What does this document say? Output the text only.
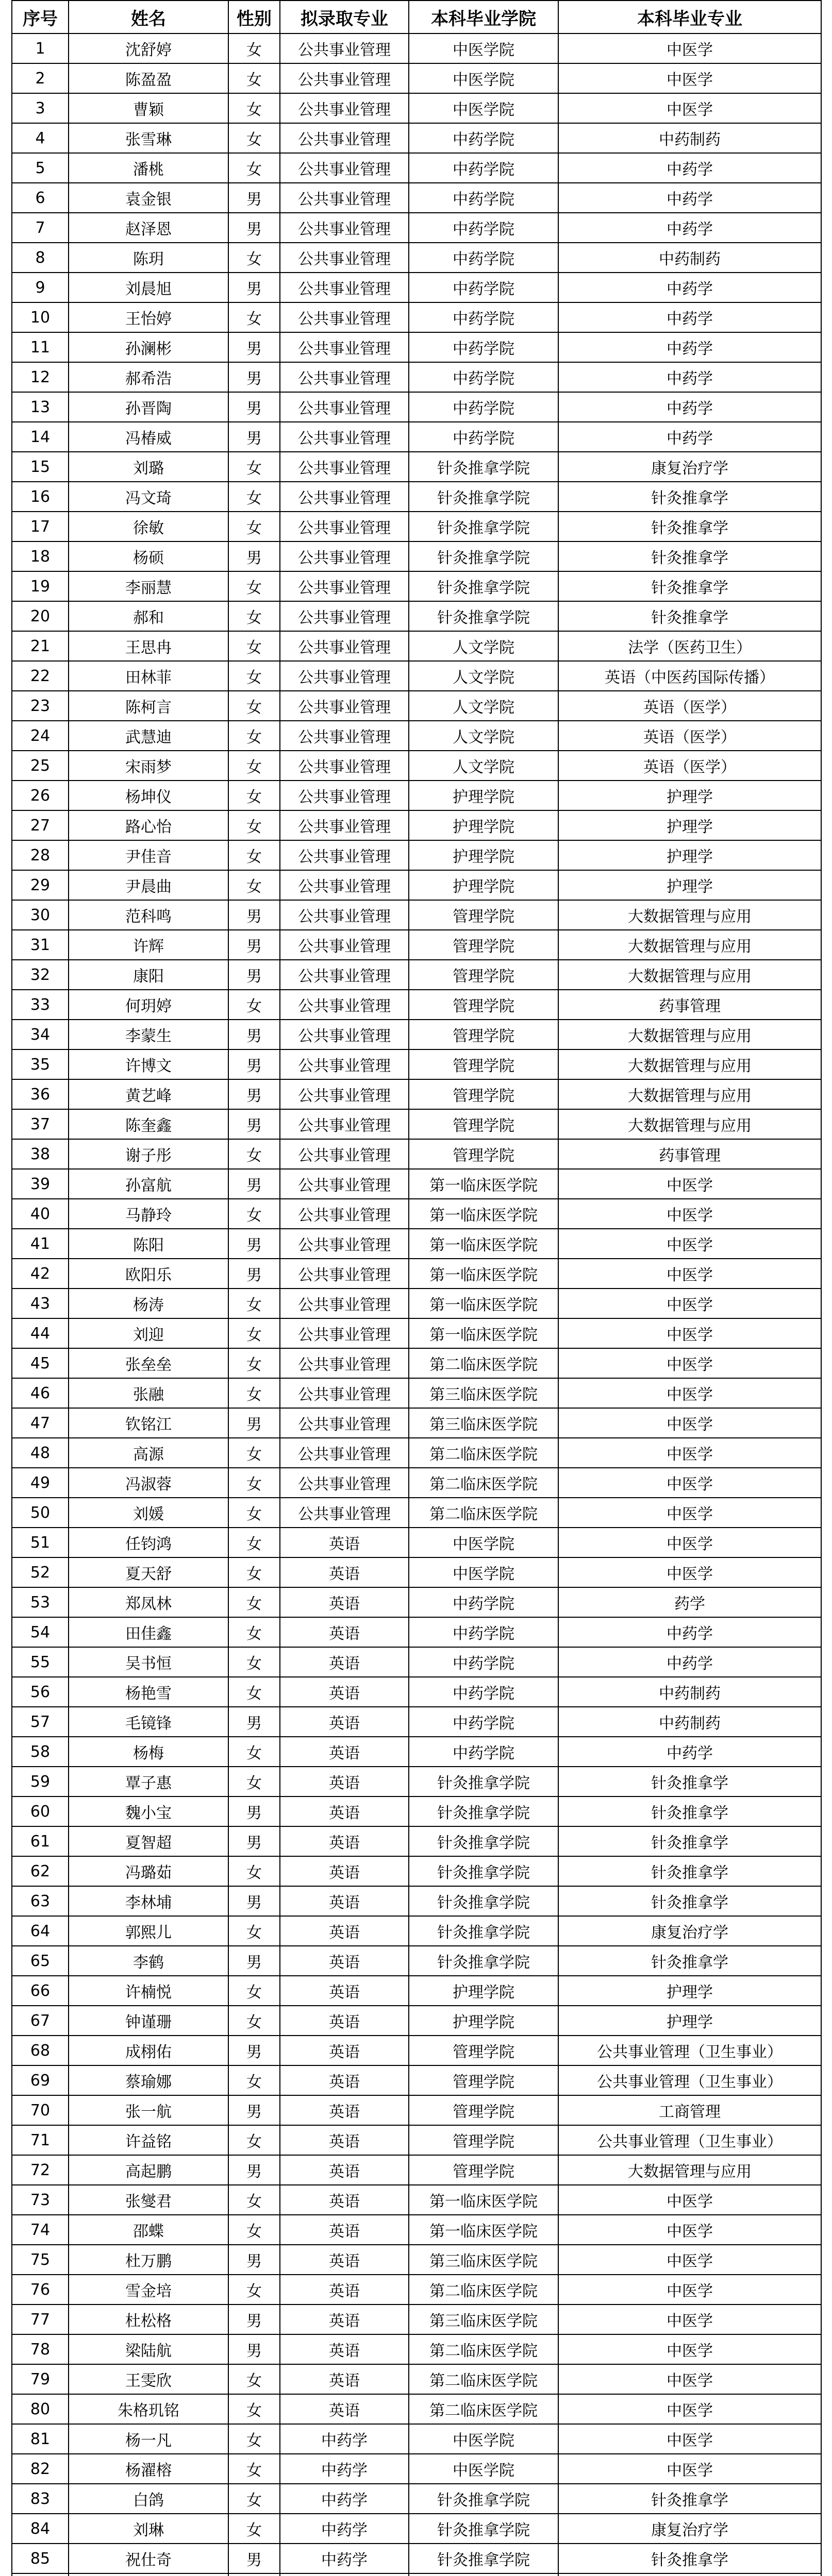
序号	姓名	性别	拟录取专业	本科毕业学院	本科毕业专业
1	沈舒婷	女	公共事业管理	中医学院	中医学
2	陈盈盈	女	公共事业管理	中医学院	中医学
3	曹颖	女	公共事业管理	中医学院	中医学
4	张雪琳	女	公共事业管理	中药学院	中药制药
5	潘桃	女	公共事业管理	中药学院	中药学
6	袁金银	男	公共事业管理	中药学院	中药学
7	赵泽恩	男	公共事业管理	中药学院	中药学
8	陈玥	女	公共事业管理	中药学院	中药制药
9	刘晨旭	男	公共事业管理	中药学院	中药学
10	王怡婷	女	公共事业管理	中药学院	中药学
11	孙澜彬	男	公共事业管理	中药学院	中药学
12	郝希浩	男	公共事业管理	中药学院	中药学
13	孙晋陶	男	公共事业管理	中药学院	中药学
14	冯椿威	男	公共事业管理	中药学院	中药学
15	刘璐	女	公共事业管理	针灸推拿学院	康复治疗学
16	冯文琦	女	公共事业管理	针灸推拿学院	针灸推拿学
17	徐敏	女	公共事业管理	针灸推拿学院	针灸推拿学
18	杨硕	男	公共事业管理	针灸推拿学院	针灸推拿学
19	李丽慧	女	公共事业管理	针灸推拿学院	针灸推拿学
20	郝和	女	公共事业管理	针灸推拿学院	针灸推拿学
21	王思冉	女	公共事业管理	人文学院	法学（医药卫生）
22	田林菲	女	公共事业管理	人文学院	英语（中医药国际传播）
23	陈柯言	女	公共事业管理	人文学院	英语（医学）
24	武慧迪	女	公共事业管理	人文学院	英语（医学）
25	宋雨梦	女	公共事业管理	人文学院	英语（医学）
26	杨坤仪	女	公共事业管理	护理学院	护理学
27	路心怡	女	公共事业管理	护理学院	护理学
28	尹佳音	女	公共事业管理	护理学院	护理学
29	尹晨曲	女	公共事业管理	护理学院	护理学
30	范科鸣	男	公共事业管理	管理学院	大数据管理与应用
31	许辉	男	公共事业管理	管理学院	大数据管理与应用
32	康阳	男	公共事业管理	管理学院	大数据管理与应用
33	何玥婷	女	公共事业管理	管理学院	药事管理
34	李蒙生	男	公共事业管理	管理学院	大数据管理与应用
35	许博文	男	公共事业管理	管理学院	大数据管理与应用
36	黄艺峰	男	公共事业管理	管理学院	大数据管理与应用
37	陈奎鑫	男	公共事业管理	管理学院	大数据管理与应用
38	谢子彤	女	公共事业管理	管理学院	药事管理
39	孙富航	男	公共事业管理	第一临床医学院	中医学
40	马静玲	女	公共事业管理	第一临床医学院	中医学
41	陈阳	男	公共事业管理	第一临床医学院	中医学
42	欧阳乐	男	公共事业管理	第一临床医学院	中医学
43	杨涛	女	公共事业管理	第一临床医学院	中医学
44	刘迎	女	公共事业管理	第一临床医学院	中医学
45	张垒垒	女	公共事业管理	第二临床医学院	中医学
46	张融	女	公共事业管理	第三临床医学院	中医学
47	钦铭江	男	公共事业管理	第三临床医学院	中医学
48	高源	女	公共事业管理	第二临床医学院	中医学
49	冯淑蓉	女	公共事业管理	第二临床医学院	中医学
50	刘媛	女	公共事业管理	第二临床医学院	中医学
51	任钧鸿	女	英语	中医学院	中医学
52	夏天舒	女	英语	中医学院	中医学
53	郑凤林	女	英语	中药学院	药学
54	田佳鑫	女	英语	中药学院	中药学
55	吴书恒	女	英语	中药学院	中药学
56	杨艳雪	女	英语	中药学院	中药制药
57	毛镜锋	男	英语	中药学院	中药制药
58	杨梅	女	英语	中药学院	中药学
59	覃子惠	女	英语	针灸推拿学院	针灸推拿学
60	魏小宝	男	英语	针灸推拿学院	针灸推拿学
61	夏智超	男	英语	针灸推拿学院	针灸推拿学
62	冯璐茹	女	英语	针灸推拿学院	针灸推拿学
63	李林埔	男	英语	针灸推拿学院	针灸推拿学
64	郭熙儿	女	英语	针灸推拿学院	康复治疗学
65	李鹤	男	英语	针灸推拿学院	针灸推拿学
66	许楠悦	女	英语	护理学院	护理学
67	钟谨珊	女	英语	护理学院	护理学
68	成栩佑	男	英语	管理学院	公共事业管理（卫生事业）
69	蔡瑜娜	女	英语	管理学院	公共事业管理（卫生事业）
70	张一航	男	英语	管理学院	工商管理
71	许益铭	女	英语	管理学院	公共事业管理（卫生事业）
72	高起鹏	男	英语	管理学院	大数据管理与应用
73	张燮君	女	英语	第一临床医学院	中医学
74	邵蝶	女	英语	第一临床医学院	中医学
75	杜万鹏	男	英语	第三临床医学院	中医学
76	雪金培	女	英语	第二临床医学院	中医学
77	杜松格	男	英语	第三临床医学院	中医学
78	梁陆航	男	英语	第二临床医学院	中医学
79	王雯欣	女	英语	第二临床医学院	中医学
80	朱格玑铭	女	英语	第二临床医学院	中医学
81	杨一凡	女	中药学	中医学院	中医学
82	杨濯榕	女	中药学	中医学院	中医学
83	白鸽	女	中药学	针灸推拿学院	针灸推拿学
84	刘琳	女	中药学	针灸推拿学院	康复治疗学
85	祝仕奇	男	中药学	针灸推拿学院	针灸推拿学
